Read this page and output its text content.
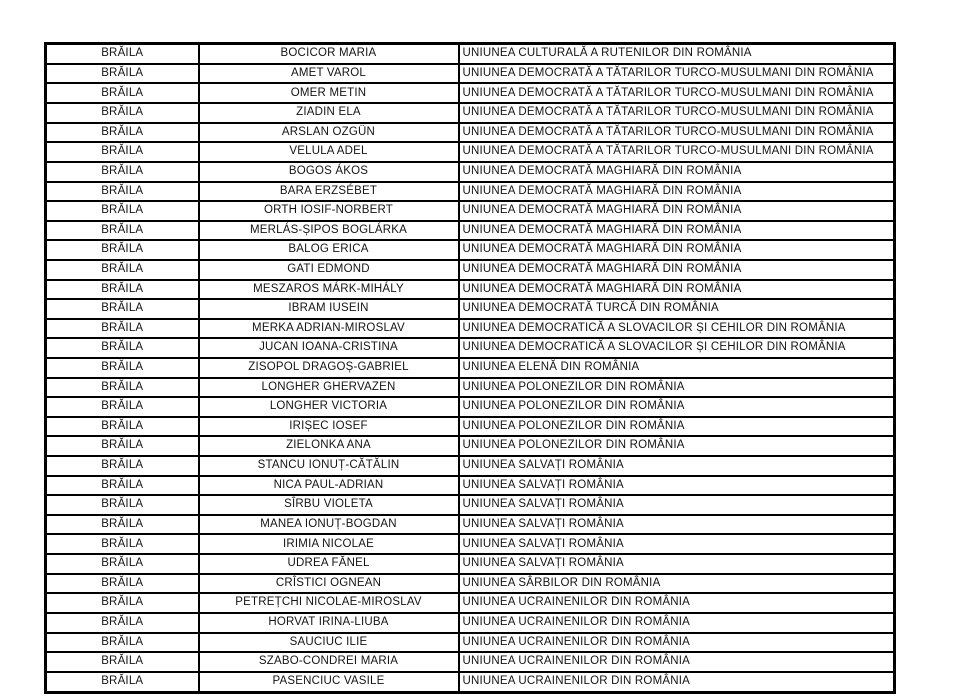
BRĂILA	BOCICOR MARIA	UNIUNEA CULTURALĂ A RUTENILOR DIN ROMÂNIA
BRĂILA	AMET VAROL	UNIUNEA DEMOCRATĂ A TĂTARILOR TURCO-MUSULMANI DIN ROMÂNIA
BRĂILA	OMER METIN	UNIUNEA DEMOCRATĂ A TĂTARILOR TURCO-MUSULMANI DIN ROMÂNIA
BRĂILA	ZIADIN ELA	UNIUNEA DEMOCRATĂ A TĂTARILOR TURCO-MUSULMANI DIN ROMÂNIA
BRĂILA	ARSLAN OZGÜN	UNIUNEA DEMOCRATĂ A TĂTARILOR TURCO-MUSULMANI DIN ROMÂNIA
BRĂILA	VELULA ADEL	UNIUNEA DEMOCRATĂ A TĂTARILOR TURCO-MUSULMANI DIN ROMÂNIA
BRĂILA	BOGOS ÁKOS	UNIUNEA DEMOCRATĂ MAGHIARĂ DIN ROMÂNIA
BRĂILA	BARA ERZSÉBET	UNIUNEA DEMOCRATĂ MAGHIARĂ DIN ROMÂNIA
BRĂILA	ORTH IOSIF-NORBERT	UNIUNEA DEMOCRATĂ MAGHIARĂ DIN ROMÂNIA
BRĂILA	MERLÁS-ȘIPOS BOGLÁRKA	UNIUNEA DEMOCRATĂ MAGHIARĂ DIN ROMÂNIA
BRĂILA	BALOG ERICA	UNIUNEA DEMOCRATĂ MAGHIARĂ DIN ROMÂNIA
BRĂILA	GATI EDMOND	UNIUNEA DEMOCRATĂ MAGHIARĂ DIN ROMÂNIA
BRĂILA	MESZAROS MÁRK-MIHÁLY	UNIUNEA DEMOCRATĂ MAGHIARĂ DIN ROMÂNIA
BRĂILA	IBRAM IUSEIN	UNIUNEA DEMOCRATĂ TURCĂ DIN ROMÂNIA
BRĂILA	MERKA ADRIAN-MIROSLAV	UNIUNEA DEMOCRATICĂ A SLOVACILOR ȘI CEHILOR DIN ROMÂNIA
BRĂILA	JUCAN IOANA-CRISTINA	UNIUNEA DEMOCRATICĂ A SLOVACILOR ȘI CEHILOR DIN ROMÂNIA
BRĂILA	ZISOPOL DRAGOȘ-GABRIEL	UNIUNEA ELENĂ DIN ROMÂNIA
BRĂILA	LONGHER GHERVAZEN	UNIUNEA POLONEZILOR DIN ROMÂNIA
BRĂILA	LONGHER VICTORIA	UNIUNEA POLONEZILOR DIN ROMÂNIA
BRĂILA	IRIȘEC IOSEF	UNIUNEA POLONEZILOR DIN ROMÂNIA
BRĂILA	ZIELONKA ANA	UNIUNEA POLONEZILOR DIN ROMÂNIA
BRĂILA	STANCU IONUȚ-CĂTĂLIN	UNIUNEA SALVAȚI ROMÂNIA
BRĂILA	NICA PAUL-ADRIAN	UNIUNEA SALVAȚI ROMÂNIA
BRĂILA	SÎRBU VIOLETA	UNIUNEA SALVAȚI ROMÂNIA
BRĂILA	MANEA IONUȚ-BOGDAN	UNIUNEA SALVAȚI ROMÂNIA
BRĂILA	IRIMIA NICOLAE	UNIUNEA SALVAȚI ROMÂNIA
BRĂILA	UDREA FĂNEL	UNIUNEA SALVAȚI ROMÂNIA
BRĂILA	CRÎSTICI OGNEAN	UNIUNEA SÂRBILOR DIN ROMÂNIA
BRĂILA	PETREȚCHI NICOLAE-MIROSLAV	UNIUNEA UCRAINENILOR DIN ROMÂNIA
BRĂILA	HORVAT IRINA-LIUBA	UNIUNEA UCRAINENILOR DIN ROMÂNIA
BRĂILA	SAUCIUC ILIE	UNIUNEA UCRAINENILOR DIN ROMÂNIA
BRĂILA	SZABO-CONDREI MARIA	UNIUNEA UCRAINENILOR DIN ROMÂNIA
BRĂILA	PASENCIUC VASILE	UNIUNEA UCRAINENILOR DIN ROMÂNIA
